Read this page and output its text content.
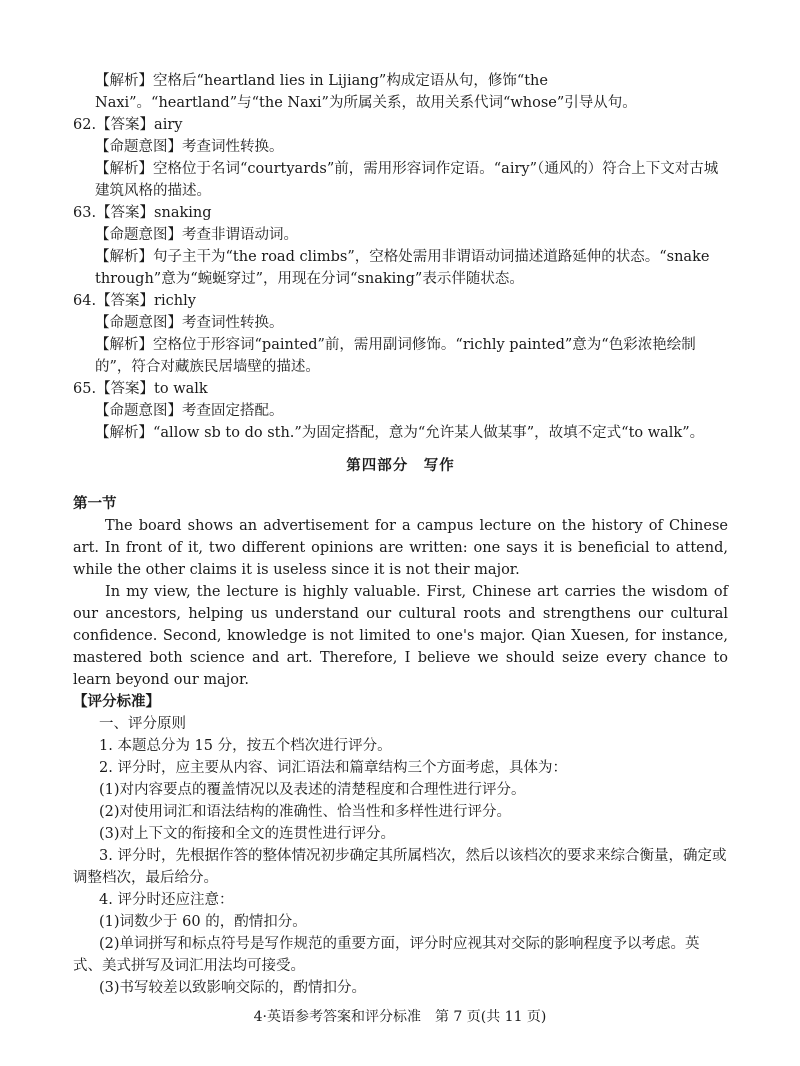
【解析】空格后“heartland lies in Lijiang”构成定语从句，修饰“the Naxi”。“heartland”与“the Naxi”为所属关系，故用关系代词“whose”引导从句。

62.【答案】airy

【命题意图】考查词性转换。

【解析】空格位于名词“courtyards”前，需用形容词作定语。“airy”（通风的）符合上下文对古城建筑风格的描述。

63.【答案】snaking

【命题意图】考查非谓语动词。

【解析】句子主干为“the road climbs”，空格处需用非谓语动词描述道路延伸的状态。“snake through”意为“蜿蜒穿过”，用现在分词“snaking”表示伴随状态。

64.【答案】richly

【命题意图】考查词性转换。

【解析】空格位于形容词“painted”前，需用副词修饰。“richly painted”意为“色彩浓艳绘制的”，符合对藏族民居墙壁的描述。

65.【答案】to walk

【命题意图】考查固定搭配。

【解析】“allow sb to do sth.”为固定搭配，意为“允许某人做某事”，故填不定式“to walk”。

第四部分　写作

第一节

The board shows an advertisement for a campus lecture on the history of Chinese art. In front of it, two different opinions are written: one says it is beneficial to attend, while the other claims it is useless since it is not their major.

In my view, the lecture is highly valuable. First, Chinese art carries the wisdom of our ancestors, helping us understand our cultural roots and strengthens our cultural confidence. Second, knowledge is not limited to one's major. Qian Xuesen, for instance, mastered both science and art. Therefore, I believe we should seize every chance to learn beyond our major.

【评分标准】

一、评分原则

1. 本题总分为 15 分，按五个档次进行评分。

2. 评分时，应主要从内容、词汇语法和篇章结构三个方面考虑，具体为：

(1)对内容要点的覆盖情况以及表述的清楚程度和合理性进行评分。

(2)对使用词汇和语法结构的准确性、恰当性和多样性进行评分。

(3)对上下文的衔接和全文的连贯性进行评分。

3. 评分时，先根据作答的整体情况初步确定其所属档次，然后以该档次的要求来综合衡量，确定或调整档次，最后给分。

4. 评分时还应注意：

(1)词数少于 60 的，酌情扣分。

(2)单词拼写和标点符号是写作规范的重要方面，评分时应视其对交际的影响程度予以考虑。英式、美式拼写及词汇用法均可接受。

(3)书写较差以致影响交际的，酌情扣分。

4·英语参考答案和评分标准　第 7 页(共 11 页)
